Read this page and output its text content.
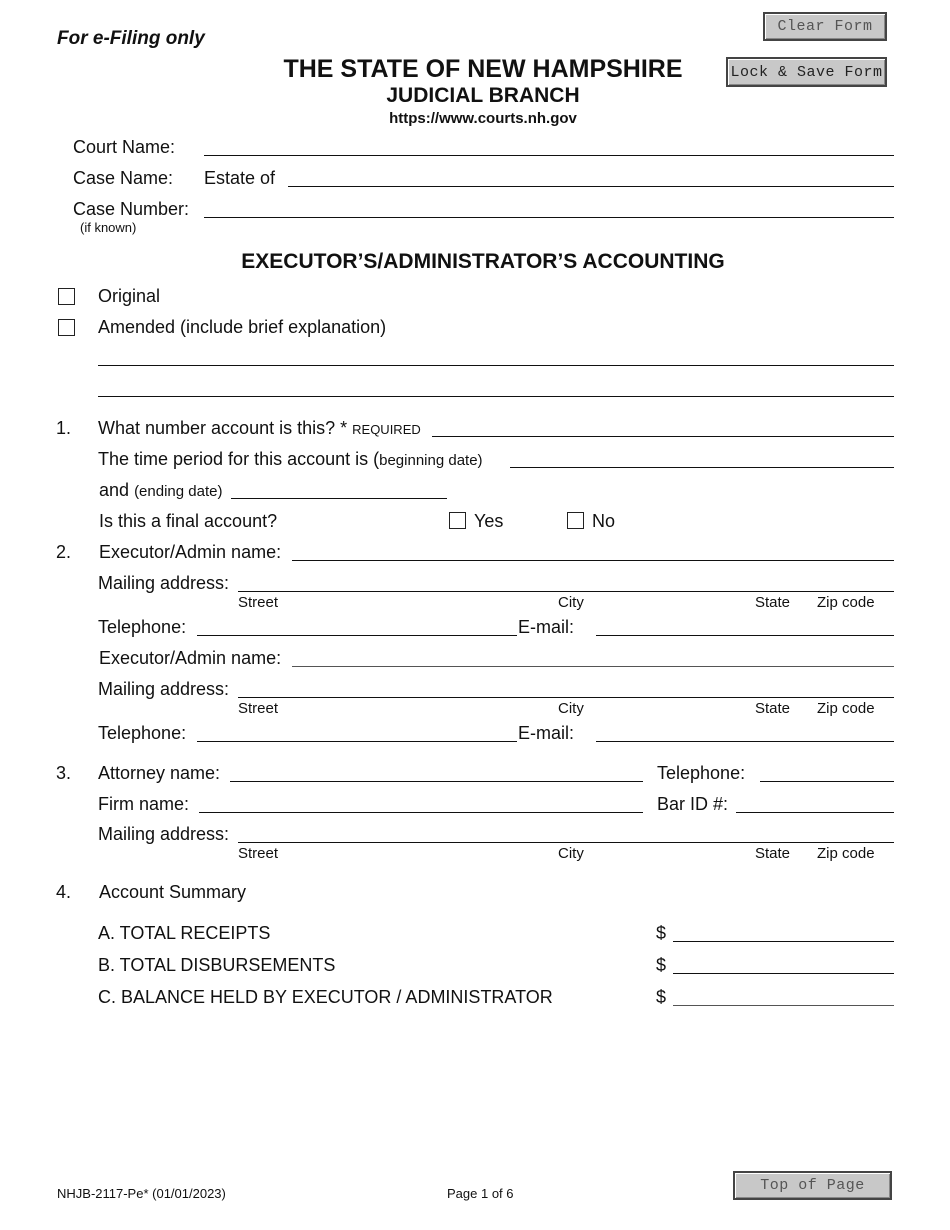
For e-Filing only
Clear Form
Lock & Save Form
THE STATE OF NEW HAMPSHIRE
JUDICIAL BRANCH
https://www.courts.nh.gov
Court Name:
Case Name: Estate of
Case Number:
(if known)
EXECUTOR’S/ADMINISTRATOR’S ACCOUNTING
Original
Amended (include brief explanation)
1. What number account is this? * REQUIRED
The time period for this account is (beginning date)
and (ending date)
Is this a final account?	Yes	No
2. Executor/Admin name:
Mailing address:
Street	City	State Zip code
Telephone:	E-mail:
Executor/Admin name:
Mailing address:
Street	City	State Zip code
Telephone:	E-mail:
3. Attorney name:	Telephone:
Firm name:	Bar ID #:
Mailing address:
Street	City	State Zip code
4. Account Summary
A. TOTAL RECEIPTS	$
B. TOTAL DISBURSEMENTS	$
C. BALANCE HELD BY EXECUTOR / ADMINISTRATOR	$
NHJB-2117-Pe* (01/01/2023)	Page 1 of 6	Top of Page
